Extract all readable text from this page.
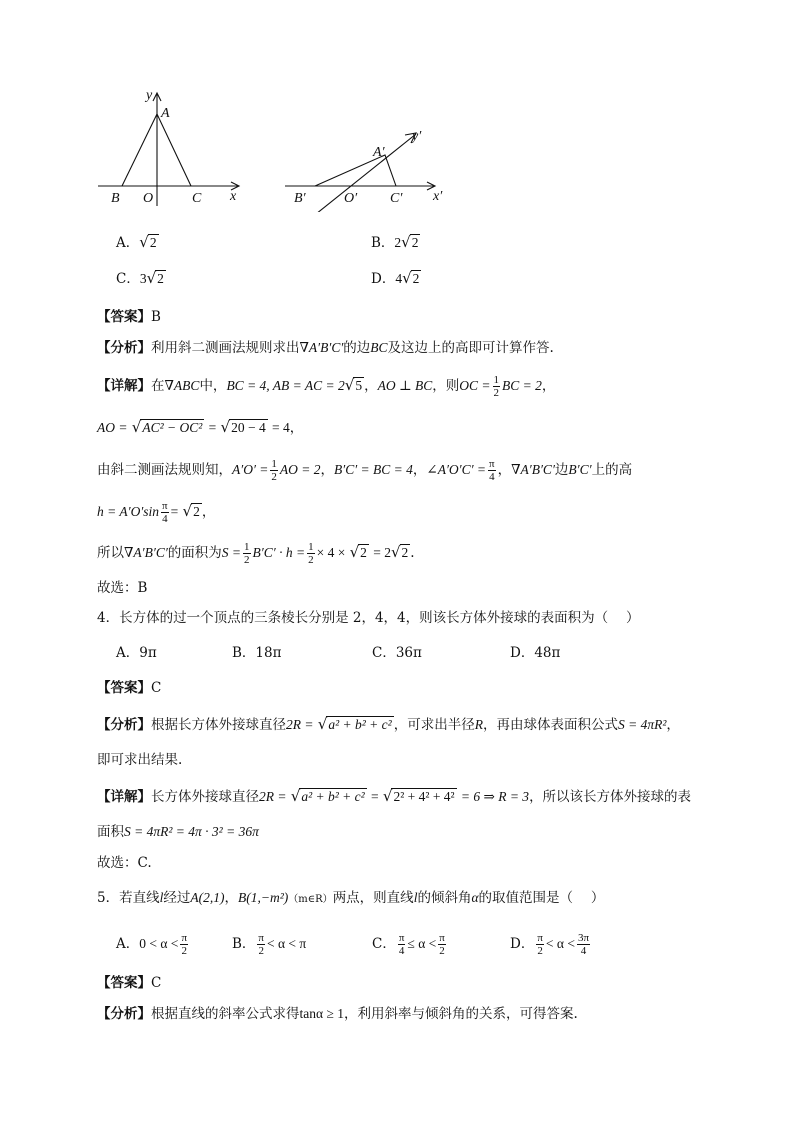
y
A
B O	C x
y′
A′
B′	O′ C′ x′
A．√2	B．2√2
C．3√2	D．4√2
【答案】B
【分析】利用斜二测画法规则求出∇A′B′C′的边BC及这边上的高即可计算作答.
【详解】在∇ABC中，BC = 4, AB = AC = 2√5 ，AO ⊥ BC，则OC = $\frac{1}{2}$ BC = 2，
AO = √AC² − OC² = √20 − 4 = 4，
由斜二测画法规则知，$A'O' = \frac{1}{2}$ AO = 2，B′C′ = BC = 4，∠A′O′C′ = $\frac{\pi}{4}$ ，∇A′B′C′边B′C′上的高
$h = A'O'\sin \frac{\pi}{4} = √2$ ，
所以∇A′B′C′的面积为$S = \frac{1}{2} B'C' \cdot h = \frac{1}{2} \times 4 \times √2 = 2√2$ .
故选：B
4．长方体的过一个顶点的三条棱长分别是 2，4，4，则该长方体外接球的表面积为（　 ）
A．9π	B．18π	C．36π	D．48π
【答案】C
【分析】根据长方体外接球直径2R = √a² + b² + c² ，可求出半径R，再由球体表面积公式S = 4πR²，
即可求出结果.
【详解】长方体外接球直径2R = √a² + b² + c² = √2² + 4² + 4² = 6 ⇒ R = 3，所以该长方体外接球的表
面积S = 4πR² = 4π · 3² = 36π
故选：C.
5．若直线l经过A(2,1)，B(1,−m²)（m∈R）两点，则直线l的倾斜角α的取值范围是（　 ）
A．$0 < \alpha < \frac{\pi}{2}$	B． $\frac{\pi}{2} < \alpha < \pi$	C． $\frac{\pi}{4} \le \alpha < \frac{\pi}{2}$	D． $\frac{\pi}{2} < \alpha < \frac{3\pi}{4}$
【答案】C
【分析】根据直线的斜率公式求得tanα ≥ 1，利用斜率与倾斜角的关系，可得答案.
